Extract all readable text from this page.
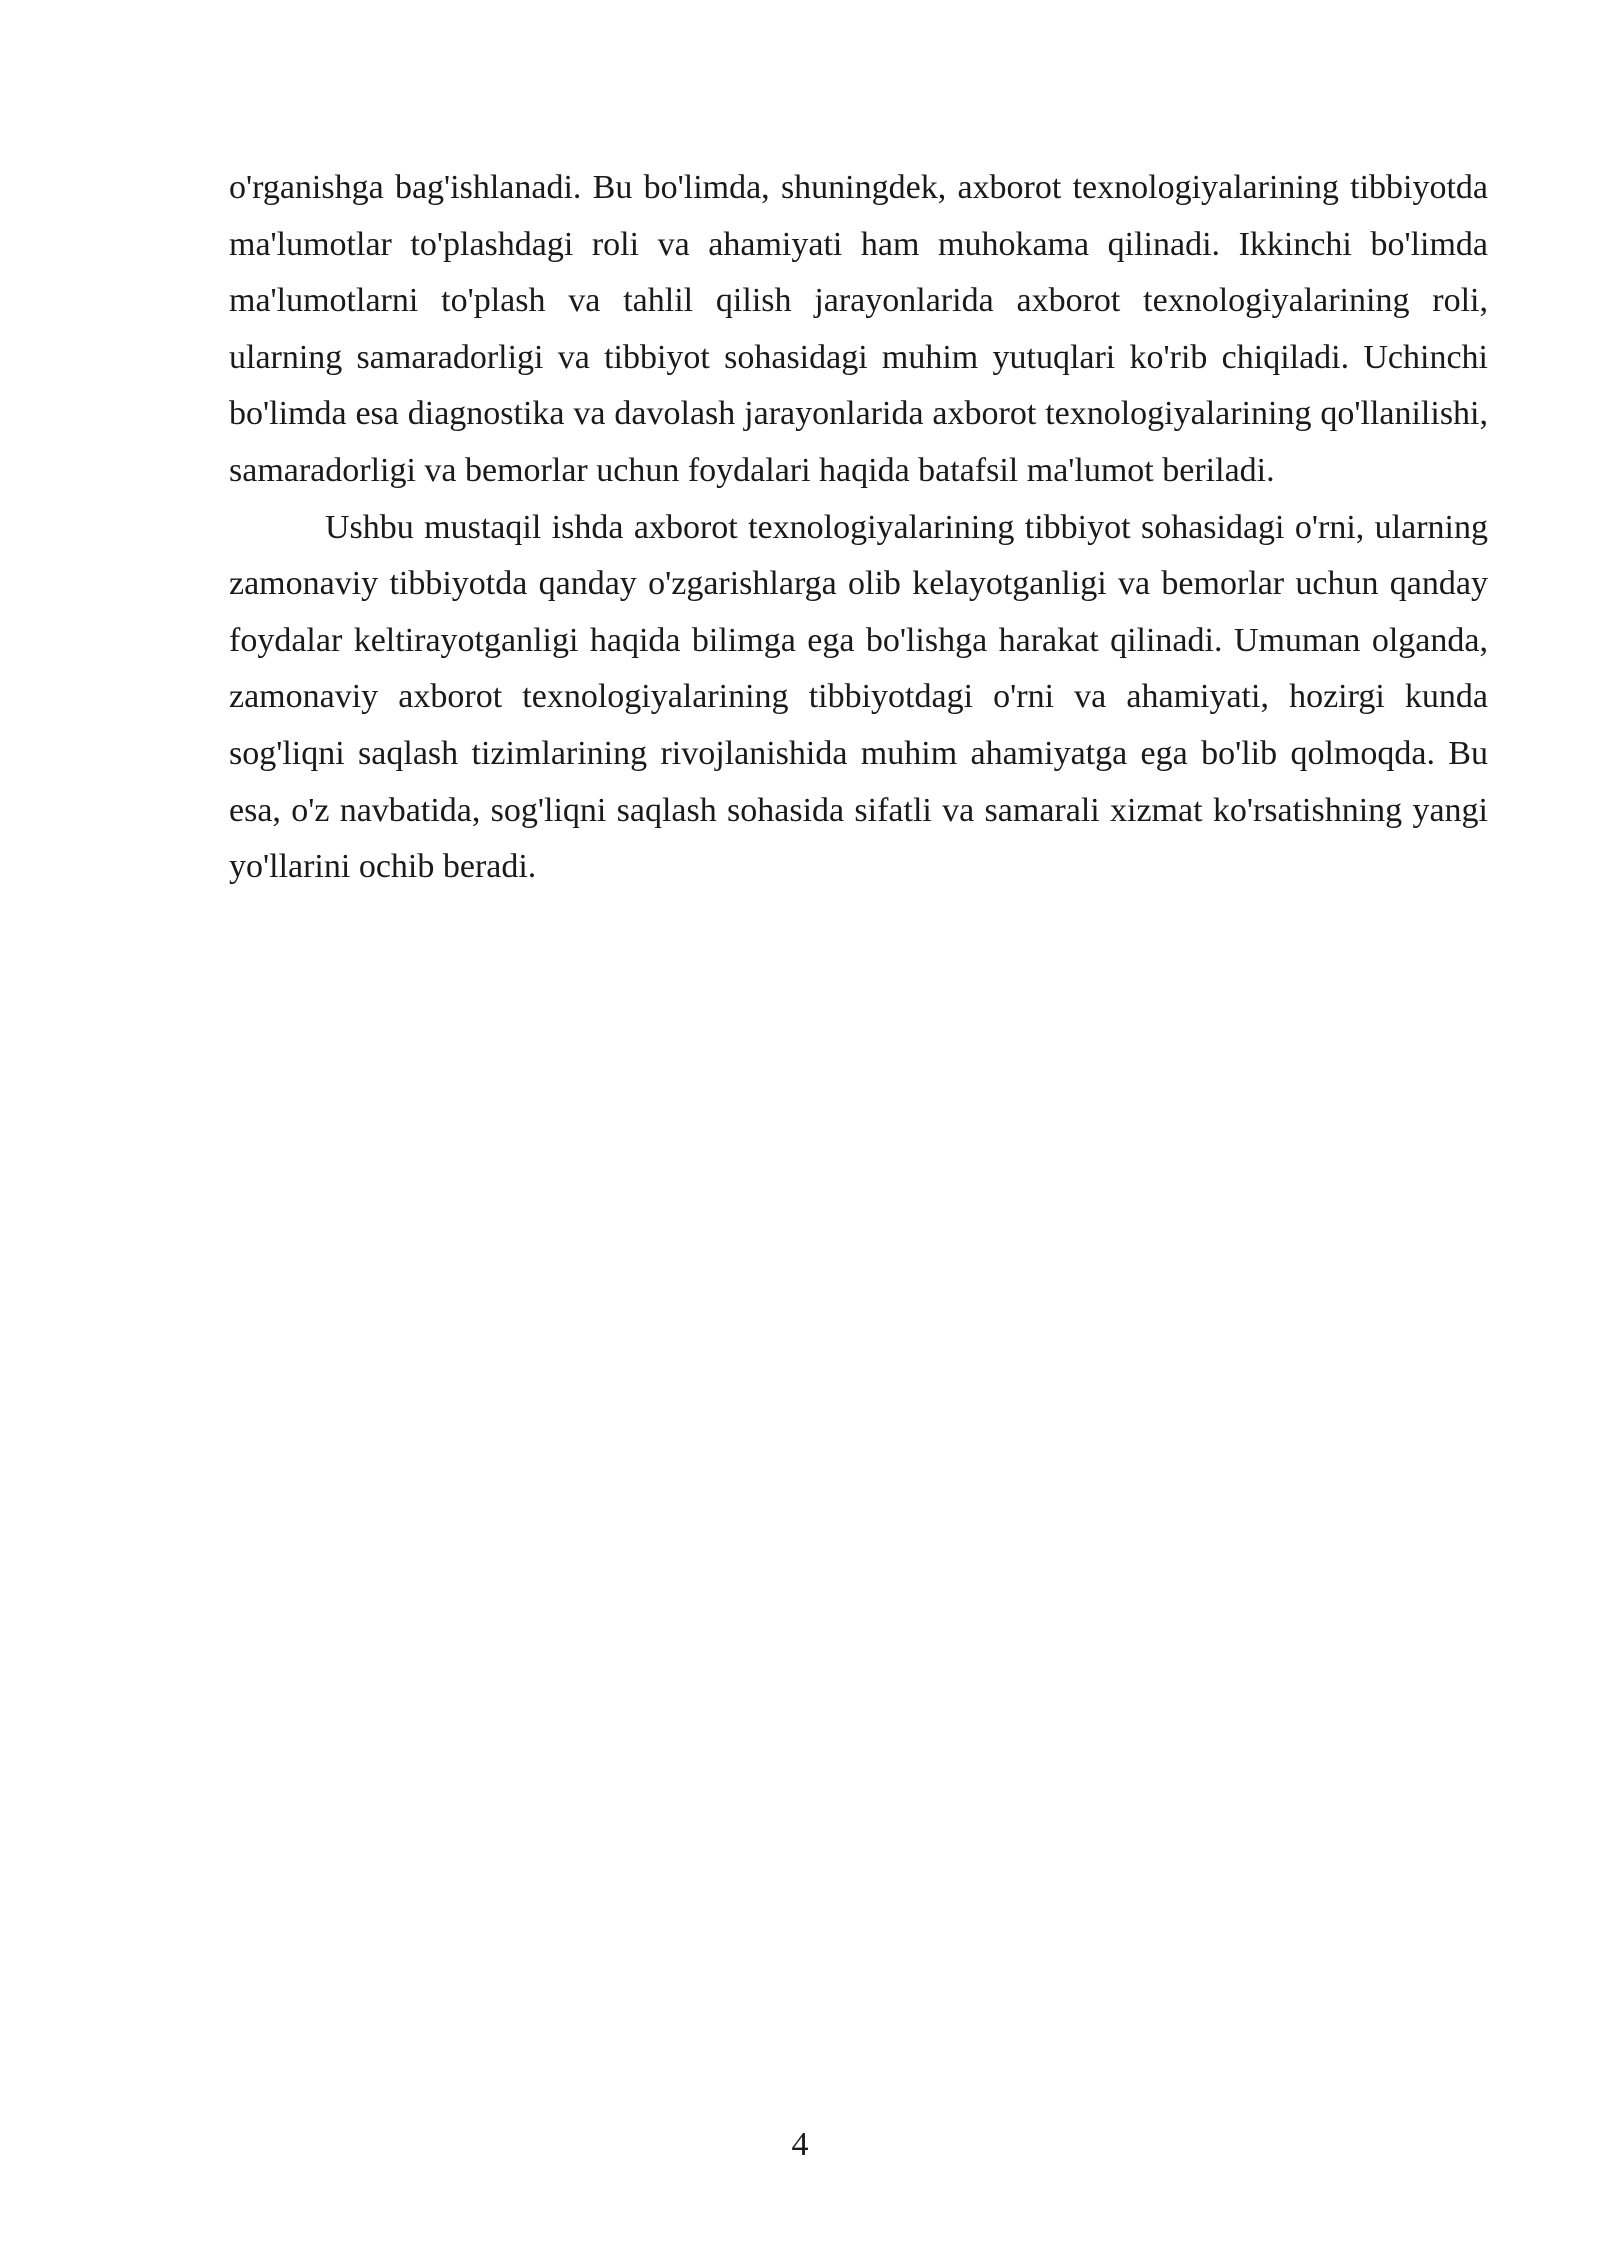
o'rganishga bag'ishlanadi. Bu bo'limda, shuningdek, axborot texnologiyalarining tibbiyotda ma'lumotlar to'plashdagi roli va ahamiyati ham muhokama qilinadi. Ikkinchi bo'limda ma'lumotlarni to'plash va tahlil qilish jarayonlarida axborot texnologiyalarining roli, ularning samaradorligi va tibbiyot sohasidagi muhim yutuqlari ko'rib chiqiladi. Uchinchi bo'limda esa diagnostika va davolash jarayonlarida axborot texnologiyalarining qo'llanilishi, samaradorligi va bemorlar uchun foydalari haqida batafsil ma'lumot beriladi.

Ushbu mustaqil ishda axborot texnologiyalarining tibbiyot sohasidagi o'rni, ularning zamonaviy tibbiyotda qanday o'zgarishlarga olib kelayotganligi va bemorlar uchun qanday foydalar keltirayotganligi haqida bilimga ega bo'lishga harakat qilinadi. Umuman olganda, zamonaviy axborot texnologiyalarining tibbiyotdagi o'rni va ahamiyati, hozirgi kunda sog'liqni saqlash tizimlarining rivojlanishida muhim ahamiyatga ega bo'lib qolmoqda. Bu esa, o'z navbatida, sog'liqni saqlash sohasida sifatli va samarali xizmat ko'rsatishning yangi yo'llarini ochib beradi.

4
